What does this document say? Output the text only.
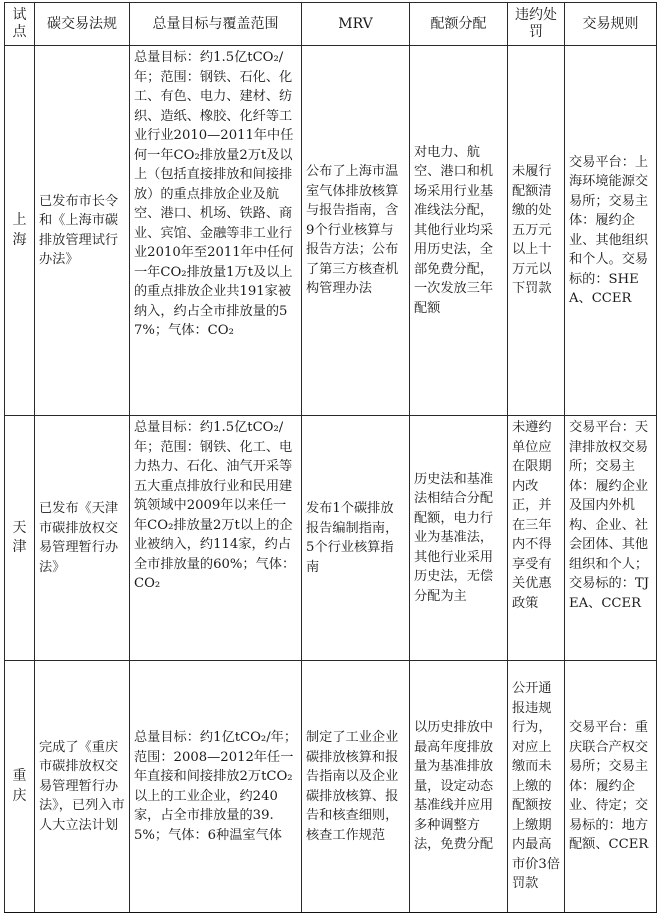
试点	碳交易法规	总量目标与覆盖范围	MRV	配额分配	违约处罚	交易规则
上海	已发布市长令和《上海市碳排放管理试行办法》	总量目标：约1.5亿tCO₂/年；范围：钢铁、石化、化工、有色、电力、建材、纺织、造纸、橡胶、化纤等工业行业2010—2011年中任何一年CO₂排放量2万t及以上（包括直接排放和间接排放）的重点排放企业及航空、港口、机场、铁路、商业、宾馆、金融等非工业行业2010年至2011年中任何一年CO₂排放量1万t及以上的重点排放企业共191家被纳入，约占全市排放量的57%；气体：CO₂	公布了上海市温室气体排放核算与报告指南，含9个行业核算与报告方法；公布了第三方核查机构管理办法	对电力、航空、港口和机场采用行业基准线法分配，其他行业均采用历史法，全部免费分配，一次发放三年配额	未履行配额清缴的处五万元以上十万元以下罚款	交易平台：上海环境能源交易所；交易主体：履约企业、其他组织和个人。交易标的：SHEA、CCER
天津	已发布《天津市碳排放权交易管理暂行办法》	总量目标：约1.5亿tCO₂/年；范围：钢铁、化工、电力热力、石化、油气开采等五大重点排放行业和民用建筑领域中2009年以来任一年CO₂排放量2万t以上的企业被纳入，约114家，约占全市排放量的60%；气体：CO₂	发布1个碳排放报告编制指南，5个行业核算指南	历史法和基准法相结合分配配额，电力行业为基准法，其他行业采用历史法，无偿分配为主	未遵约单位应在限期内改正，并在三年内不得享受有关优惠政策	交易平台：天津排放权交易所；交易主体：履约企业及国内外机构、企业、社会团体、其他组织和个人；交易标的：TJEA、CCER
重庆	完成了《重庆市碳排放权交易管理暂行办法》，已列入市人大立法计划	总量目标：约1亿tCO₂/年；范围：2008—2012年任一年直接和间接排放2万tCO₂以上的工业企业，约240家，占全市排放量的39.5%；气体：6种温室气体	制定了工业企业碳排放核算和报告指南以及企业碳排放核算、报告和核查细则，核查工作规范	以历史排放中最高年度排放量为基准排放量，设定动态基准线并应用多种调整方法，免费分配	公开通报违规行为，对应上缴而未上缴的配额按上缴期内最高市价3倍罚款	交易平台：重庆联合产权交易所；交易主体：履约企业、待定；交易标的：地方配额、CCER
